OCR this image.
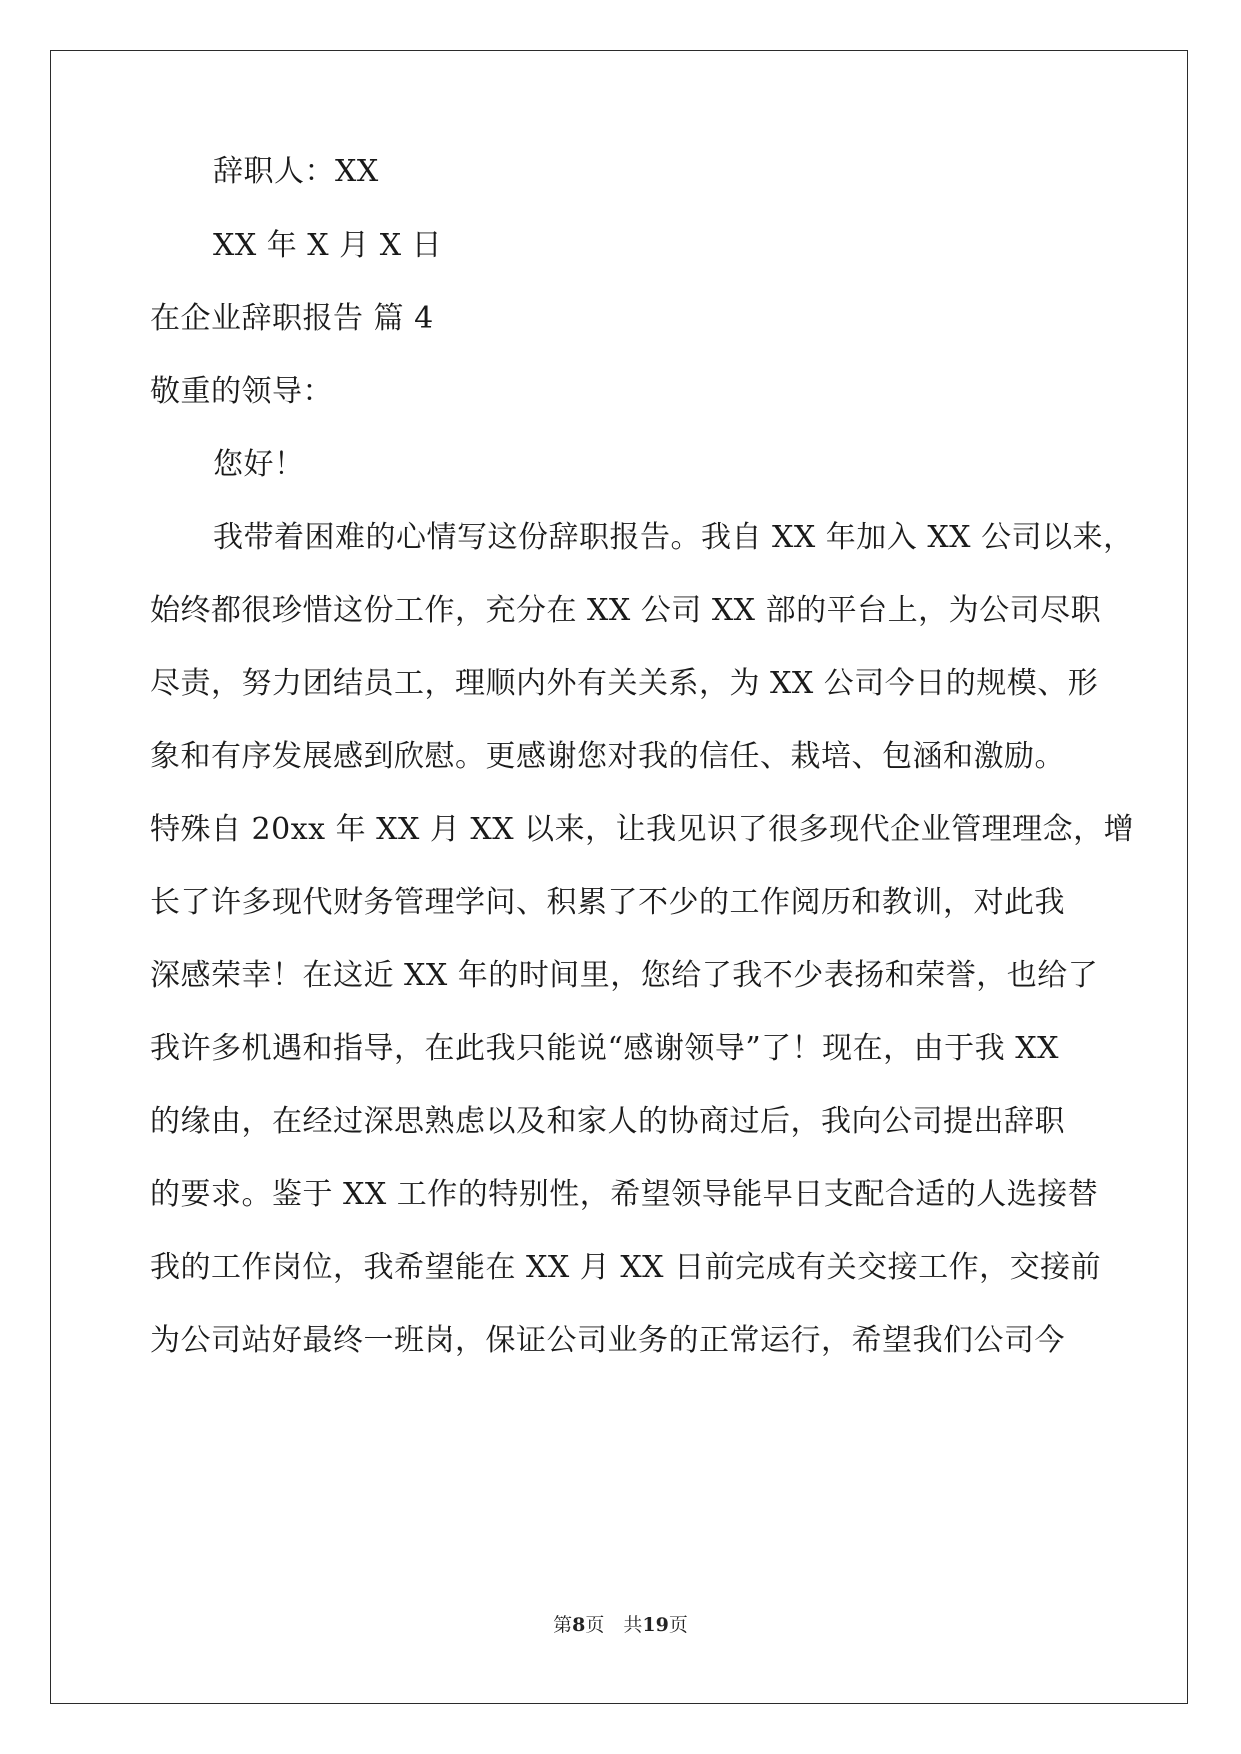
辞职人：XX
XX 年 X 月 X 日
在企业辞职报告 篇 4
敬重的领导：
您好！
我带着困难的心情写这份辞职报告。我自 XX 年加入 XX 公司以来，
始终都很珍惜这份工作，充分在 XX 公司 XX 部的平台上，为公司尽职
尽责，努力团结员工，理顺内外有关关系，为 XX 公司今日的规模、形
象和有序发展感到欣慰。更感谢您对我的信任、栽培、包涵和激励。
特殊自 20xx 年 XX 月 XX 以来，让我见识了很多现代企业管理理念，增
长了许多现代财务管理学问、积累了不少的工作阅历和教训，对此我
深感荣幸！在这近 XX 年的时间里，您给了我不少表扬和荣誉，也给了
我许多机遇和指导，在此我只能说“感谢领导”了！现在，由于我 XX
的缘由，在经过深思熟虑以及和家人的协商过后，我向公司提出辞职
的要求。鉴于 XX 工作的特别性，希望领导能早日支配合适的人选接替
我的工作岗位，我希望能在 XX 月 XX 日前完成有关交接工作，交接前
为公司站好最终一班岗，保证公司业务的正常运行，希望我们公司今
第8页　共19页
